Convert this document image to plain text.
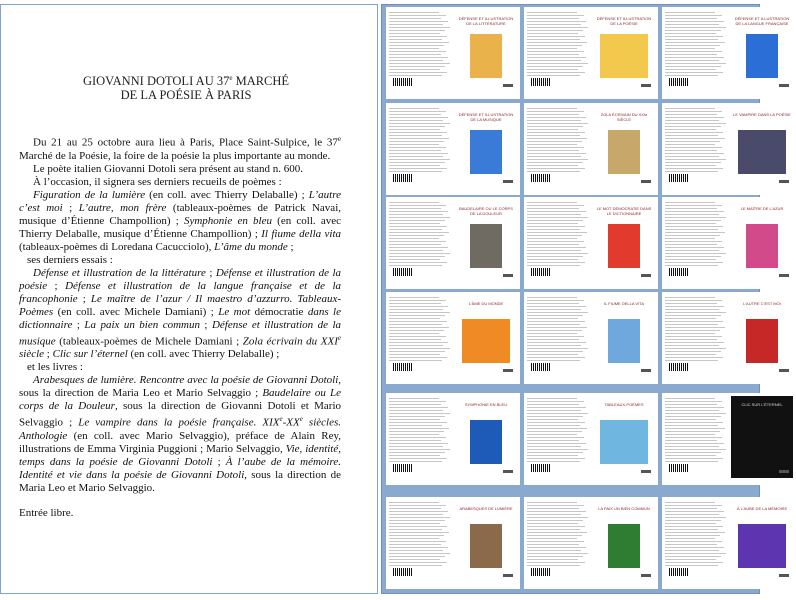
GIOVANNI DOTOLI AU 37e MARCHÉ
DE LA POÉSIE À PARIS

Du 21 au 25 octobre aura lieu à Paris, Place Saint-Sulpice, le 37e Marché de la Poésie, la foire de la poésie la plus importante au monde.

Le poète italien Giovanni Dotoli sera présent au stand n. 600.

À l’occasion, il signera ses derniers recueils de poèmes :

Figuration de la lumière (en coll. avec Thierry Delaballe) ; L’autre c’est moi ; L’autre, mon frère (tableaux-poèmes de Patrick Navai, musique d’Étienne Champollion) ; Symphonie en bleu (en coll. avec Thierry Delaballe, musique d’Étienne Champollion) ; Il fiume della vita (tableaux-poèmes di Loredana Cacucciolo), L’âme du monde ;

ses derniers essais :

Défense et illustration de la littérature ; Défense et illustration de la poésie ; Défense et illustration de la langue française et de la francophonie ; Le maître de l’azur / Il maestro d’azzurro. Tableaux-Poèmes (en coll. avec Michele Damiani) ; Le mot démocratie dans le dictionnaire ; La paix un bien commun ; Défense et illustration de la musique (tableaux-poèmes de Michele Damiani ; Zola écrivain du XXIe siècle ; Clic sur l’éternel (en coll. avec Thierry Delaballe) ;

et les livres :

Arabesques de lumière. Rencontre avec la poésie de Giovanni Dotoli, sous la direction de Maria Leo et Mario Selvaggio ; Baudelaire ou Le corps de la Douleur, sous la direction de Giovanni Dotoli et Mario Selvaggio ; Le vampire dans la poésie française. XIXe-XXe siècles. Anthologie (en coll. avec Mario Selvaggio), préface de Alain Rey, illustrations de Emma Virginia Puggioni ; Mario Selvaggio, Vie, identité, temps dans la poésie de Giovanni Dotoli ; À l’aube de la mémoire. Identité et vie dans la poésie de Giovanni Dotoli, sous la direction de Maria Leo et Mario Selvaggio.

Entrée libre.

DÉFENSE ET ILLUSTRATION DE LA LITTÉRATURE
DÉFENSE ET ILLUSTRATION DE LA POÉSIE
DÉFENSE ET ILLUSTRATION DE LA LANGUE FRANÇAISE
DÉFENSE ET ILLUSTRATION DE LA MUSIQUE
ZOLA ÉCRIVAIN DU XXIe SIÈCLE
LE VAMPIRE DANS LA POÉSIE
BAUDELAIRE OU LE CORPS DE LA DOULEUR
LE MOT DÉMOCRATIE DANS LE DICTIONNAIRE
LE MAÎTRE DE L’AZUR
L’ÂME DU MONDE	IL FIUME DELLA VITA	L’AUTRE C’EST MOI
SYMPHONIE EN BLEU	TABLEAUX-POÈMES	CLIC SUR L’ÉTERNEL
ARABESQUES DE LUMIÈRE	LA PAIX UN BIEN COMMUN	À L’AUBE DE LA MÉMOIRE
